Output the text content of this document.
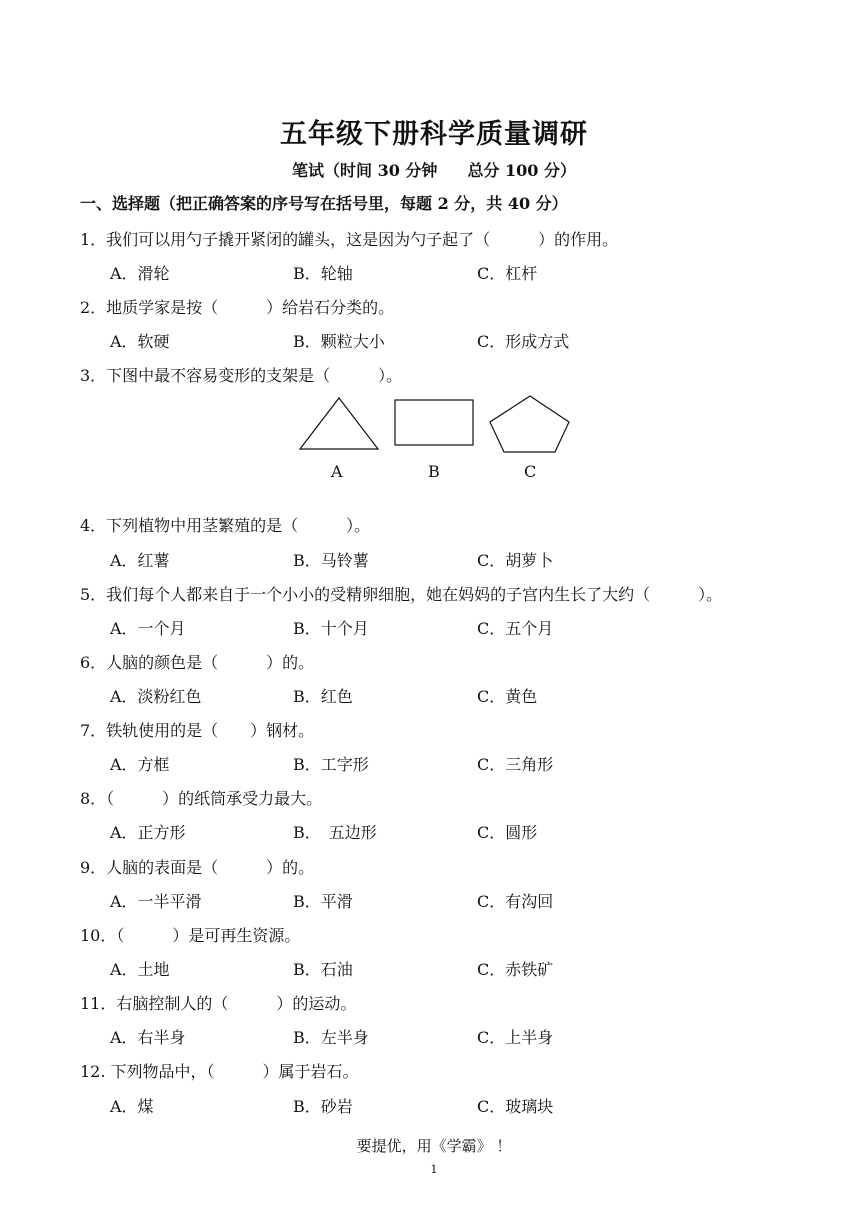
五年级下册科学质量调研
笔试（时间 30 分钟 总分 100 分）
一、选择题（把正确答案的序号写在括号里，每题 2 分，共 40 分）
1．我们可以用勺子撬开紧闭的罐头，这是因为勺子起了（　　　）的作用。
A．滑轮	B．轮轴	C．杠杆
2．地质学家是按（　　　）给岩石分类的。
A．软硬	B．颗粒大小	C．形成方式
3．下图中最不容易变形的支架是（　　　）。
A	B	C
4．下列植物中用茎繁殖的是（　　　）。
A．红薯	B．马铃薯	C．胡萝卜
5．我们每个人都来自于一个小小的受精卵细胞，她在妈妈的子宫内生长了大约（　　　）。
A．一个月	B．十个月	C．五个月
6．人脑的颜色是（　　　）的。
A．淡粉红色	B．红色	C．黄色
7．铁轨使用的是（　　）钢材。
A．方框	B．工字形	C．三角形
8．（　　　）的纸筒承受力最大。
A．正方形	B．　五边形	C．圆形
9．人脑的表面是（　　　）的。
A．一半平滑	B．平滑	C．有沟回
10．（　　　）是可再生资源。
A．土地	B．石油	C．赤铁矿
11．右脑控制人的（　　　）的运动。
A．右半身	B．左半身	C．上半身
12. 下列物品中，（　　　）属于岩石。
A．煤	B．砂岩	C．玻璃块
要提优，用《学霸》 ！
1
